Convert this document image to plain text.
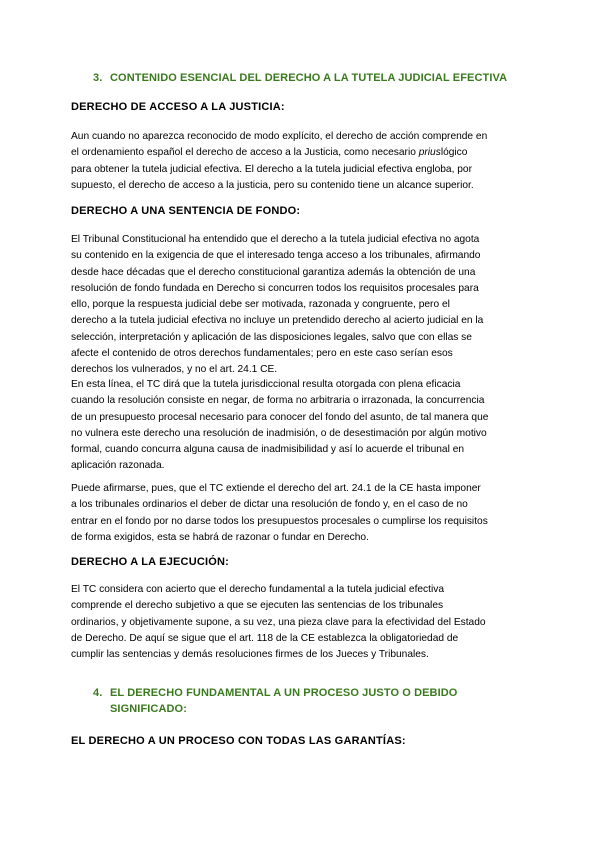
3. CONTENIDO ESENCIAL DEL DERECHO A LA TUTELA JUDICIAL EFECTIVA
DERECHO DE ACCESO A LA JUSTICIA:
Aun cuando no aparezca reconocido de modo explícito, el derecho de acción comprende en
el ordenamiento español el derecho de acceso a la Justicia, como necesario priuslógico
para obtener la tutela judicial efectiva. El derecho a la tutela judicial efectiva engloba, por
supuesto, el derecho de acceso a la justicia, pero su contenido tiene un alcance superior.
DERECHO A UNA SENTENCIA DE FONDO:
El Tribunal Constitucional ha entendido que el derecho a la tutela judicial efectiva no agota
su contenido en la exigencia de que el interesado tenga acceso a los tribunales, afirmando
desde hace décadas que el derecho constitucional garantiza además la obtención de una
resolución de fondo fundada en Derecho si concurren todos los requisitos procesales para
ello, porque la respuesta judicial debe ser motivada, razonada y congruente, pero el
derecho a la tutela judicial efectiva no incluye un pretendido derecho al acierto judicial en la
selección, interpretación y aplicación de las disposiciones legales, salvo que con ellas se
afecte el contenido de otros derechos fundamentales; pero en este caso serían esos
derechos los vulnerados, y no el art. 24.1 CE.
En esta línea, el TC dirá que la tutela jurisdiccional resulta otorgada con plena eficacia
cuando la resolución consiste en negar, de forma no arbitraria o irrazonada, la concurrencia
de un presupuesto procesal necesario para conocer del fondo del asunto, de tal manera que
no vulnera este derecho una resolución de inadmisión, o de desestimación por algún motivo
formal, cuando concurra alguna causa de inadmisibilidad y así lo acuerde el tribunal en
aplicación razonada.
Puede afirmarse, pues, que el TC extiende el derecho del art. 24.1 de la CE hasta imponer
a los tribunales ordinarios el deber de dictar una resolución de fondo y, en el caso de no
entrar en el fondo por no darse todos los presupuestos procesales o cumplirse los requisitos
de forma exigidos, esta se habrá de razonar o fundar en Derecho.
DERECHO A LA EJECUCIÓN:
El TC considera con acierto que el derecho fundamental a la tutela judicial efectiva
comprende el derecho subjetivo a que se ejecuten las sentencias de los tribunales
ordinarios, y objetivamente supone, a su vez, una pieza clave para la efectividad del Estado
de Derecho. De aquí se sigue que el art. 118 de la CE establezca la obligatoriedad de
cumplir las sentencias y demás resoluciones firmes de los Jueces y Tribunales.
4. EL DERECHO FUNDAMENTAL A UN PROCESO JUSTO O DEBIDO
SIGNIFICADO:
EL DERECHO A UN PROCESO CON TODAS LAS GARANTÍAS:
